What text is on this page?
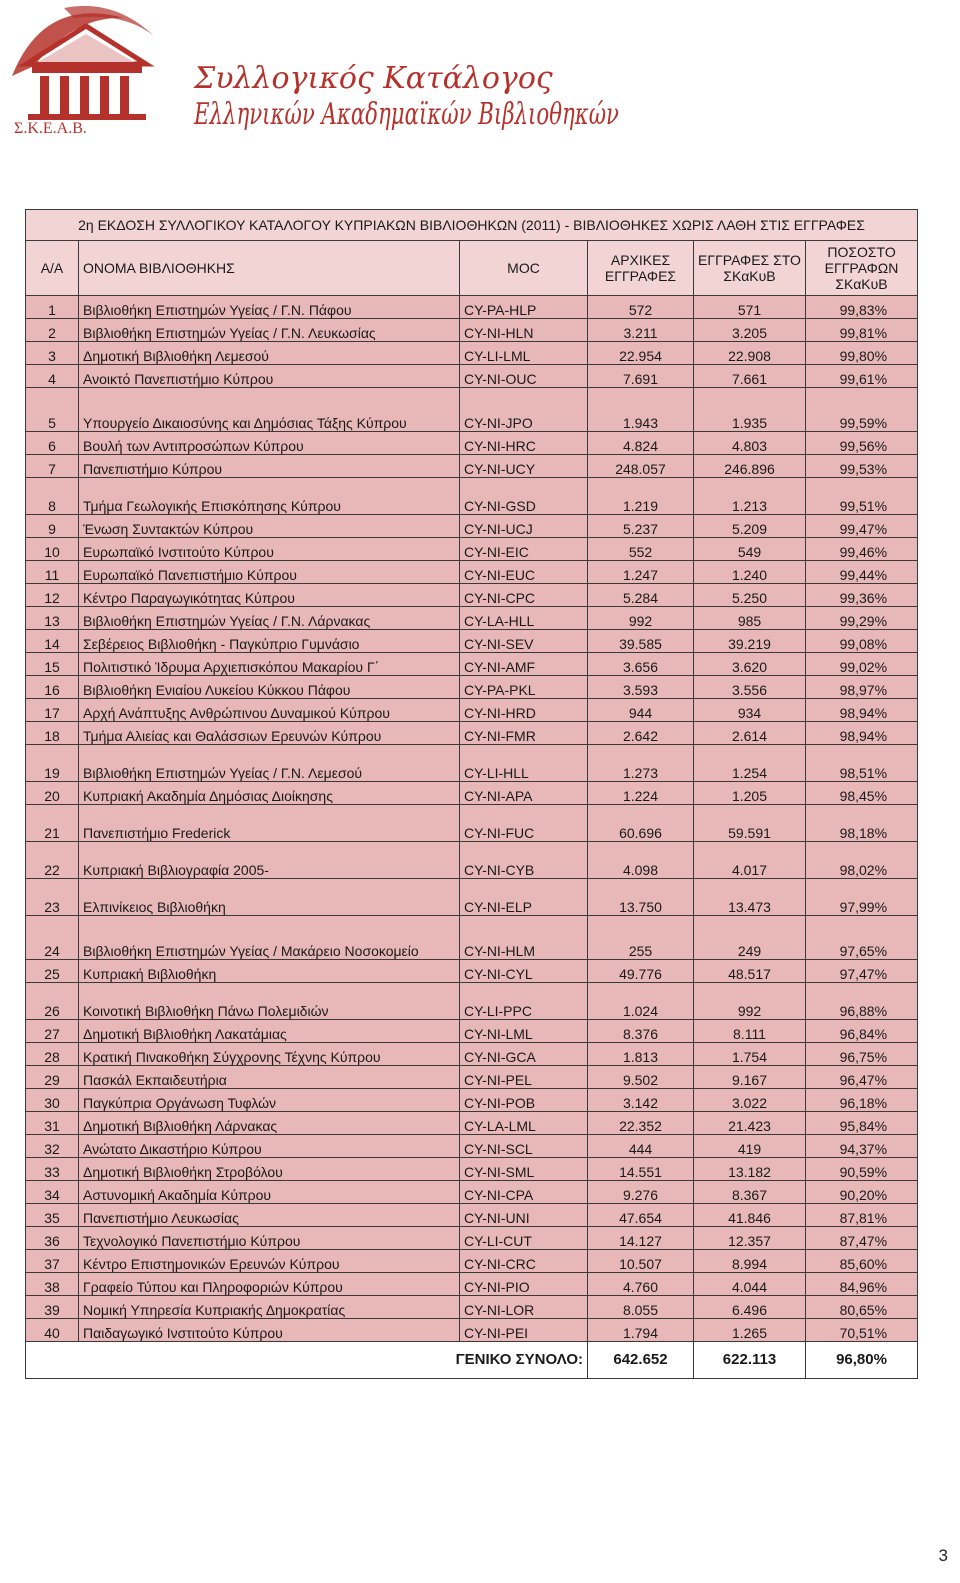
Σ.Κ.Ε.Α.Β.
Συλλογικός Κατάλογος
Ελληνικών Ακαδημαϊκών Βιβλιοθηκών
2η ΕΚΔΟΣΗ ΣΥΛΛΟΓΙΚΟΥ ΚΑΤΑΛΟΓΟΥ ΚΥΠΡΙΑΚΩΝ ΒΙΒΛΙΟΘΗΚΩΝ (2011) - ΒΙΒΛΙΟΘΗΚΕΣ ΧΩΡΙΣ ΛΑΘΗ ΣΤΙΣ ΕΓΓΡΑΦΕΣ					
Α/Α	ΟΝΟΜΑ ΒΙΒΛΙΟΘΗΚΗΣ	MOC	ΑΡΧΙΚΕΣ ΕΓΓΡΑΦΕΣ	ΕΓΓΡΑΦΕΣ ΣΤΟ ΣΚαΚυΒ	ΠΟΣΟΣΤΟ ΕΓΓΡΑΦΩΝ ΣΚαΚυΒ
1	Βιβλιοθήκη Επιστημών Υγείας / Γ.Ν. Πάφου	CY-PA-HLP	572	571	99,83%
2	Βιβλιοθήκη Επιστημών Υγείας / Γ.Ν. Λευκωσίας	CY-NI-HLN	3.211	3.205	99,81%
3	Δημοτική Βιβλιοθήκη Λεμεσού	CY-LI-LML	22.954	22.908	99,80%
4	Ανοικτό Πανεπιστήμιο Κύπρου	CY-NI-OUC	7.691	7.661	99,61%
5	Υπουργείο Δικαιοσύνης και Δημόσιας Τάξης Κύπρου	CY-NI-JPO	1.943	1.935	99,59%
6	Βουλή των Αντιπροσώπων Κύπρου	CY-NI-HRC	4.824	4.803	99,56%
7	Πανεπιστήμιο Κύπρου	CY-NI-UCY	248.057	246.896	99,53%
8	Τμήμα Γεωλογικής Επισκόπησης Κύπρου	CY-NI-GSD	1.219	1.213	99,51%
9	Ένωση Συντακτών Κύπρου	CY-NI-UCJ	5.237	5.209	99,47%
10	Ευρωπαϊκό Ινστιτούτο Κύπρου	CY-NI-EIC	552	549	99,46%
11	Ευρωπαϊκό Πανεπιστήμιο Κύπρου	CY-NI-EUC	1.247	1.240	99,44%
12	Κέντρο Παραγωγικότητας Κύπρου	CY-NI-CPC	5.284	5.250	99,36%
13	Βιβλιοθήκη Επιστημών Υγείας / Γ.Ν. Λάρνακας	CY-LA-HLL	992	985	99,29%
14	Σεβέρειος Βιβλιοθήκη - Παγκύπριο Γυμνάσιο	CY-NI-SEV	39.585	39.219	99,08%
15	Πολιτιστικό Ίδρυμα Αρχιεπισκόπου Μακαρίου Γ΄	CY-NI-AMF	3.656	3.620	99,02%
16	Βιβλιοθήκη Ενιαίου Λυκείου Κύκκου Πάφου	CY-PA-PKL	3.593	3.556	98,97%
17	Αρχή Ανάπτυξης Ανθρώπινου Δυναμικού Κύπρου	CY-NI-HRD	944	934	98,94%
18	Τμήμα Αλιείας και Θαλάσσιων Ερευνών Κύπρου	CY-NI-FMR	2.642	2.614	98,94%
19	Βιβλιοθήκη Επιστημών Υγείας / Γ.Ν. Λεμεσού	CY-LI-HLL	1.273	1.254	98,51%
20	Κυπριακή Ακαδημία Δημόσιας Διοίκησης	CY-NI-APA	1.224	1.205	98,45%
21	Πανεπιστήμιο Frederick	CY-NI-FUC	60.696	59.591	98,18%
22	Κυπριακή Βιβλιογραφία 2005-	CY-NI-CYB	4.098	4.017	98,02%
23	Ελπινίκειος Βιβλιοθήκη	CY-NI-ELP	13.750	13.473	97,99%
24	Βιβλιοθήκη Επιστημών Υγείας / Μακάρειο Νοσοκομείο	CY-NI-HLM	255	249	97,65%
25	Κυπριακή Βιβλιοθήκη	CY-NI-CYL	49.776	48.517	97,47%
26	Κοινοτική Βιβλιοθήκη Πάνω Πολεμιδιών	CY-LI-PPC	1.024	992	96,88%
27	Δημοτική Βιβλιοθήκη Λακατάμιας	CY-NI-LML	8.376	8.111	96,84%
28	Κρατική Πινακοθήκη Σύγχρονης Τέχνης Κύπρου	CY-NI-GCA	1.813	1.754	96,75%
29	Πασκάλ Εκπαιδευτήρια	CY-NI-PEL	9.502	9.167	96,47%
30	Παγκύπρια Οργάνωση Τυφλών	CY-NI-POB	3.142	3.022	96,18%
31	Δημοτική Βιβλιοθήκη Λάρνακας	CY-LA-LML	22.352	21.423	95,84%
32	Ανώτατο Δικαστήριο Κύπρου	CY-NI-SCL	444	419	94,37%
33	Δημοτική Βιβλιοθήκη Στροβόλου	CY-NI-SML	14.551	13.182	90,59%
34	Αστυνομική Ακαδημία Κύπρου	CY-NI-CPA	9.276	8.367	90,20%
35	Πανεπιστήμιο Λευκωσίας	CY-NI-UNI	47.654	41.846	87,81%
36	Τεχνολογικό Πανεπιστήμιο Κύπρου	CY-LI-CUT	14.127	12.357	87,47%
37	Κέντρο Επιστημονικών Ερευνών Κύπρου	CY-NI-CRC	10.507	8.994	85,60%
38	Γραφείο Τύπου και Πληροφοριών Κύπρου	CY-NI-PIO	4.760	4.044	84,96%
39	Νομική Υπηρεσία Κυπριακής Δημοκρατίας	CY-NI-LOR	8.055	6.496	80,65%
40	Παιδαγωγικό Ινστιτούτο Κύπρου	CY-NI-PEI	1.794	1.265	70,51%
ΓΕΝΙΚΟ ΣΥΝΟΛΟ:			642.652	622.113	96,80%
3
